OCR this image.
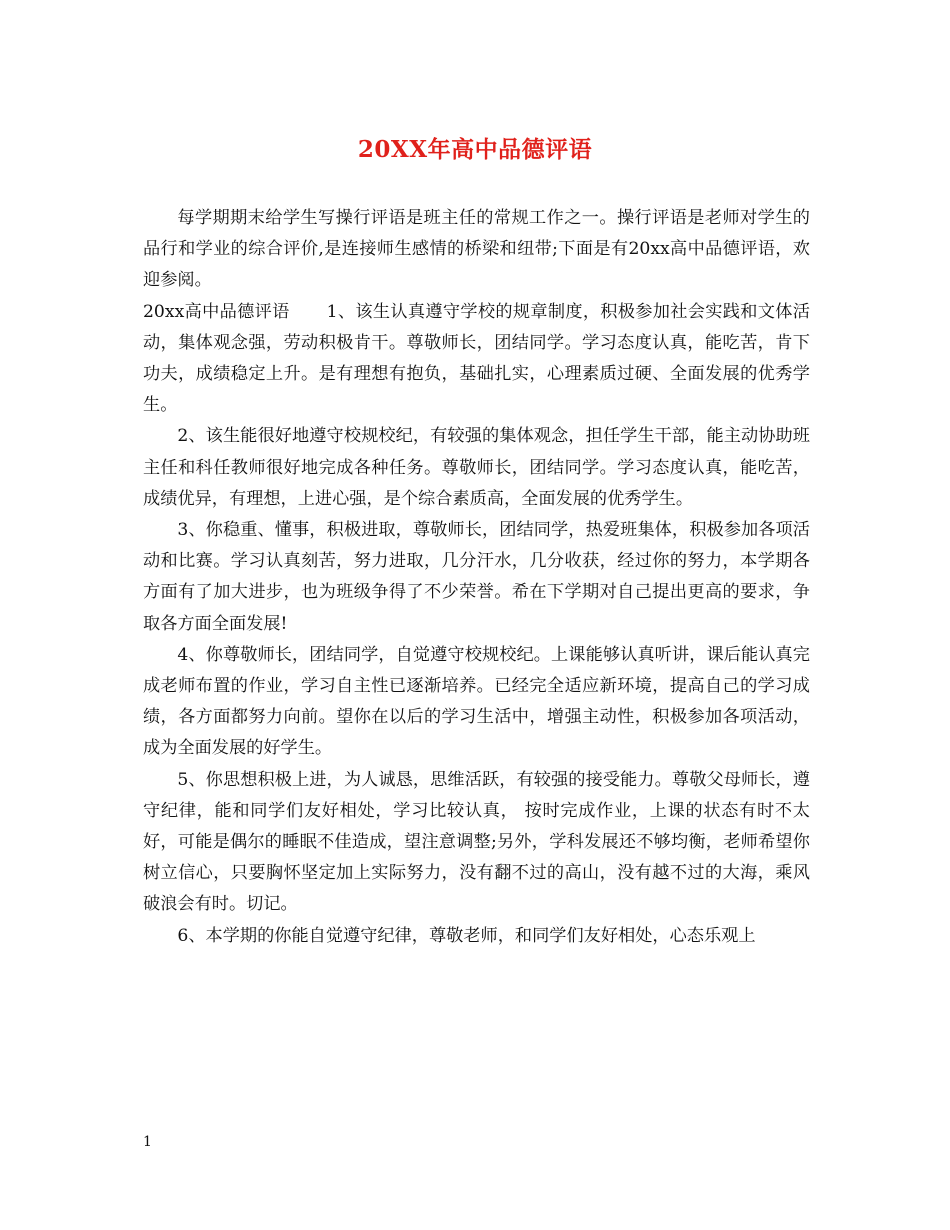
20XX年高中品德评语

每学期期末给学生写操行评语是班主任的常规工作之一。操行评语是老师对学生的品行和学业的综合评价,是连接师生感情的桥梁和纽带;下面是有20xx高中品德评语，欢迎参阅。

20xx高中品德评语 1、该生认真遵守学校的规章制度，积极参加社会实践和文体活动，集体观念强，劳动积极肯干。尊敬师长，团结同学。学习态度认真，能吃苦，肯下功夫，成绩稳定上升。是有理想有抱负，基础扎实，心理素质过硬、全面发展的优秀学生。

2、该生能很好地遵守校规校纪，有较强的集体观念，担任学生干部，能主动协助班主任和科任教师很好地完成各种任务。尊敬师长，团结同学。学习态度认真，能吃苦，成绩优异，有理想，上进心强，是个综合素质高，全面发展的优秀学生。

3、你稳重、懂事，积极进取，尊敬师长，团结同学，热爱班集体，积极参加各项活动和比赛。学习认真刻苦，努力进取，几分汗水，几分收获，经过你的努力，本学期各方面有了加大进步，也为班级争得了不少荣誉。希在下学期对自己提出更高的要求，争取各方面全面发展!

4、你尊敬师长，团结同学，自觉遵守校规校纪。上课能够认真听讲，课后能认真完成老师布置的作业，学习自主性已逐渐培养。已经完全适应新环境，提高自己的学习成绩，各方面都努力向前。望你在以后的学习生活中，增强主动性，积极参加各项活动，成为全面发展的好学生。

5、你思想积极上进，为人诚恳，思维活跃，有较强的接受能力。尊敬父母师长，遵守纪律，能和同学们友好相处，学习比较认真， 按时完成作业，上课的状态有时不太好，可能是偶尔的睡眠不佳造成，望注意调整;另外，学科发展还不够均衡，老师希望你树立信心，只要胸怀坚定加上实际努力，没有翻不过的高山，没有越不过的大海，乘风破浪会有时。切记。

6、本学期的你能自觉遵守纪律，尊敬老师，和同学们友好相处，心态乐观上

1
